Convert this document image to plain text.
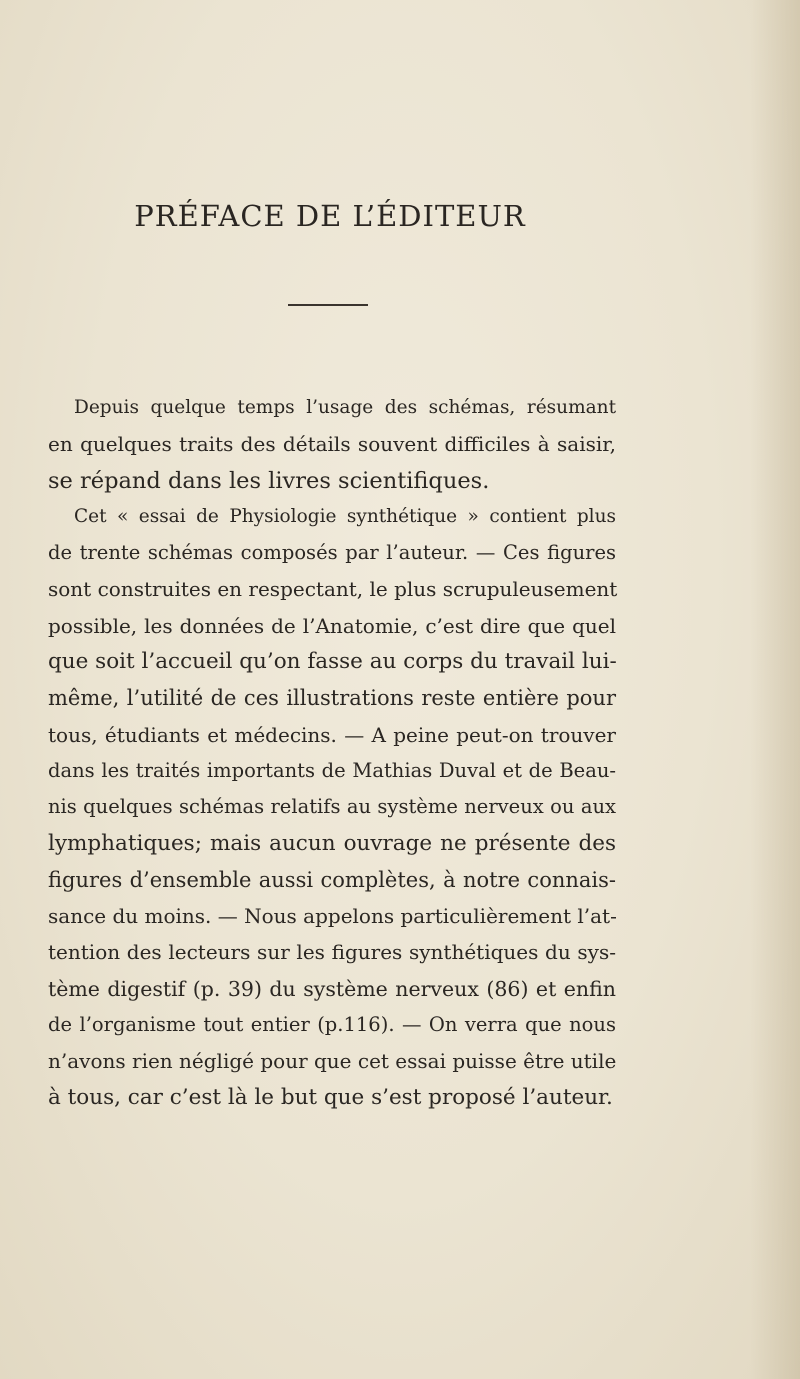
PRÉFACE DE L’ÉDITEUR
Depuis quelque temps l’usage des schémas, résumant
en quelques traits des détails souvent difficiles à saisir,
se répand dans les livres scientifiques.
Cet « essai de Physiologie synthétique » contient plus
de trente schémas composés par l’auteur. — Ces figures
sont construites en respectant, le plus scrupuleusement
possible, les données de l’Anatomie, c’est dire que quel
que soit l’accueil qu’on fasse au corps du travail lui-
même, l’utilité de ces illustrations reste entière pour
tous, étudiants et médecins. — A peine peut-on trouver
dans les traités importants de Mathias Duval et de Beau-
nis quelques schémas relatifs au système nerveux ou aux
lymphatiques; mais aucun ouvrage ne présente des
figures d’ensemble aussi complètes, à notre connais-
sance du moins. — Nous appelons particulièrement l’at-
tention des lecteurs sur les figures synthétiques du sys-
tème digestif (p. 39) du système nerveux (86) et enfin
de l’organisme tout entier (p.116). — On verra que nous
n’avons rien négligé pour que cet essai puisse être utile
à tous, car c’est là le but que s’est proposé l’auteur.
